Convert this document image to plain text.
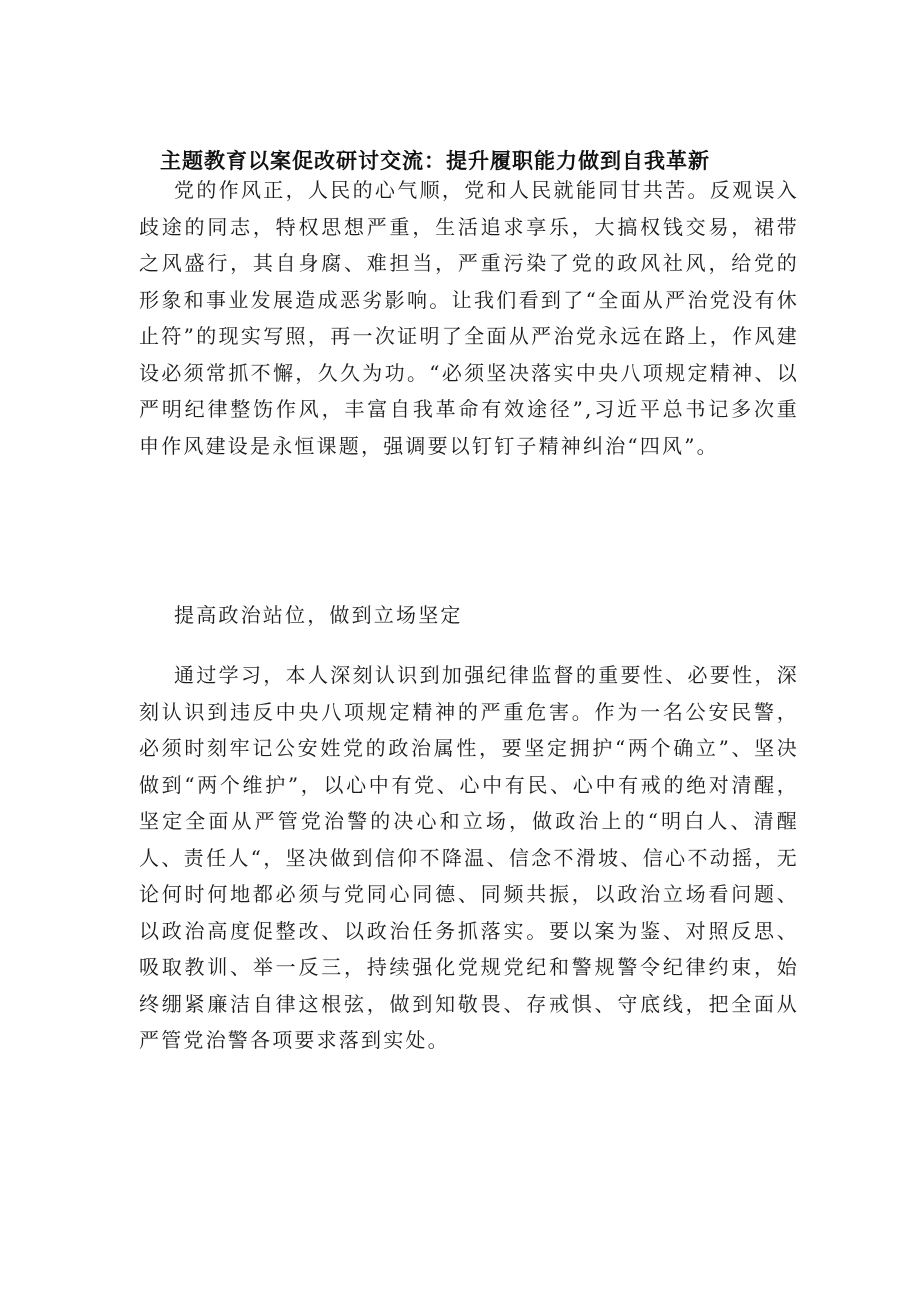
主题教育以案促改研讨交流：提升履职能力做到自我革新

党的作风正，人民的心气顺，党和人民就能同甘共苦。反观误入歧途的同志，特权思想严重，生活追求享乐，大搞权钱交易，裙带之风盛行，其自身腐、难担当，严重污染了党的政风社风，给党的形象和事业发展造成恶劣影响。让我们看到了“全面从严治党没有休止符”的现实写照，再一次证明了全面从严治党永远在路上，作风建设必须常抓不懈，久久为功。“必须坚决落实中央八项规定精神、以严明纪律整饬作风，丰富自我革命有效途径”,习近平总书记多次重申作风建设是永恒课题，强调要以钉钉子精神纠治“四风”。

提高政治站位，做到立场坚定

通过学习，本人深刻认识到加强纪律监督的重要性、必要性，深刻认识到违反中央八项规定精神的严重危害。作为一名公安民警，必须时刻牢记公安姓党的政治属性，要坚定拥护“两个确立”、坚决做到“两个维护”，以心中有党、心中有民、心中有戒的绝对清醒，坚定全面从严管党治警的决心和立场，做政治上的“明白人、清醒人、责任人“，坚决做到信仰不降温、信念不滑坡、信心不动摇，无论何时何地都必须与党同心同德、同频共振，以政治立场看问题、以政治高度促整改、以政治任务抓落实。要以案为鉴、对照反思、吸取教训、举一反三，持续强化党规党纪和警规警令纪律约束，始终绷紧廉洁自律这根弦，做到知敬畏、存戒惧、守底线，把全面从严管党治警各项要求落到实处。
